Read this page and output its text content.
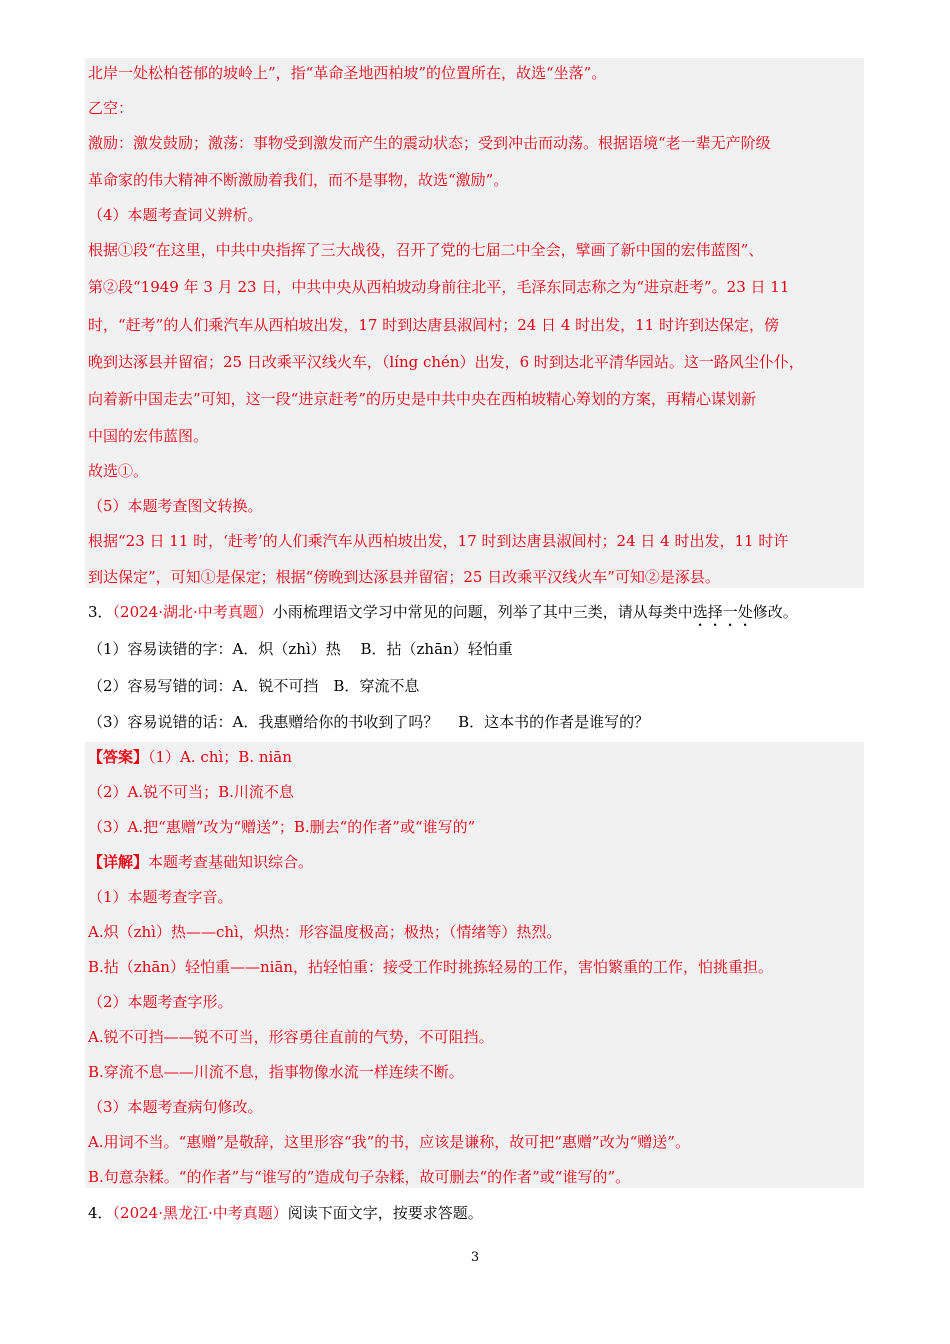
北岸一处松柏苍郁的坡岭上”，指“革命圣地西柏坡”的位置所在，故选“坐落”。
乙空：
激励：激发鼓励；激荡：事物受到激发而产生的震动状态；受到冲击而动荡。根据语境“老一辈无产阶级
革命家的伟大精神不断激励着我们，而不是事物，故选“激励”。
（4）本题考查词义辨析。
根据①段“在这里，中共中央指挥了三大战役，召开了党的七届二中全会，擘画了新中国的宏伟蓝图”、
第②段“1949 年 3 月 23 日，中共中央从西柏坡动身前往北平，毛泽东同志称之为“进京赶考”。23 日 11
时，“赶考”的人们乘汽车从西柏坡出发，17 时到达唐县淑闾村；24 日 4 时出发，11 时许到达保定，傍
晚到达涿县并留宿；25 日改乘平汉线火车，（líng chén）出发，6 时到达北平清华园站。这一路风尘仆仆，
向着新中国走去”可知，这一段“进京赶考”的历史是中共中央在西柏坡精心筹划的方案，再精心谋划新
中国的宏伟蓝图。
故选①。
（5）本题考查图文转换。
根据“23 日 11 时，‘赶考’的人们乘汽车从西柏坡出发，17 时到达唐县淑闾村；24 日 4 时出发，11 时许
到达保定”，可知①是保定；根据“傍晚到达涿县并留宿；25 日改乘平汉线火车”可知②是涿县。
3．（2024·湖北·中考真题）小雨梳理语文学习中常见的问题，列举了其中三类，请从每类中选择一处修改。
（1）容易读错的字：A．炽（zhì）热　 B．拈（zhān）轻怕重
（2）容易写错的词：A．锐不可挡　B．穿流不息
（3）容易说错的话：A．我惠赠给你的书收到了吗？　 B．这本书的作者是谁写的？
【答案】（1）A. chì；B. niān
（2）A.锐不可当；B.川流不息
（3）A.把“惠赠”改为“赠送”；B.删去“的作者”或“谁写的”
【详解】本题考查基础知识综合。
（1）本题考查字音。
A.炽（zhì）热——chì，炽热：形容温度极高；极热；（情绪等）热烈。
B.拈（zhān）轻怕重——niān，拈轻怕重：接受工作时挑拣轻易的工作，害怕繁重的工作，怕挑重担。
（2）本题考查字形。
A.锐不可挡——锐不可当，形容勇往直前的气势，不可阻挡。
B.穿流不息——川流不息，指事物像水流一样连续不断。
（3）本题考查病句修改。
A.用词不当。“惠赠”是敬辞，这里形容“我”的书，应该是谦称，故可把“惠赠”改为“赠送”。
B.句意杂糅。“的作者”与“谁写的”造成句子杂糅，故可删去“的作者”或“谁写的”。
4．（2024·黑龙江·中考真题）阅读下面文字，按要求答题。
3
